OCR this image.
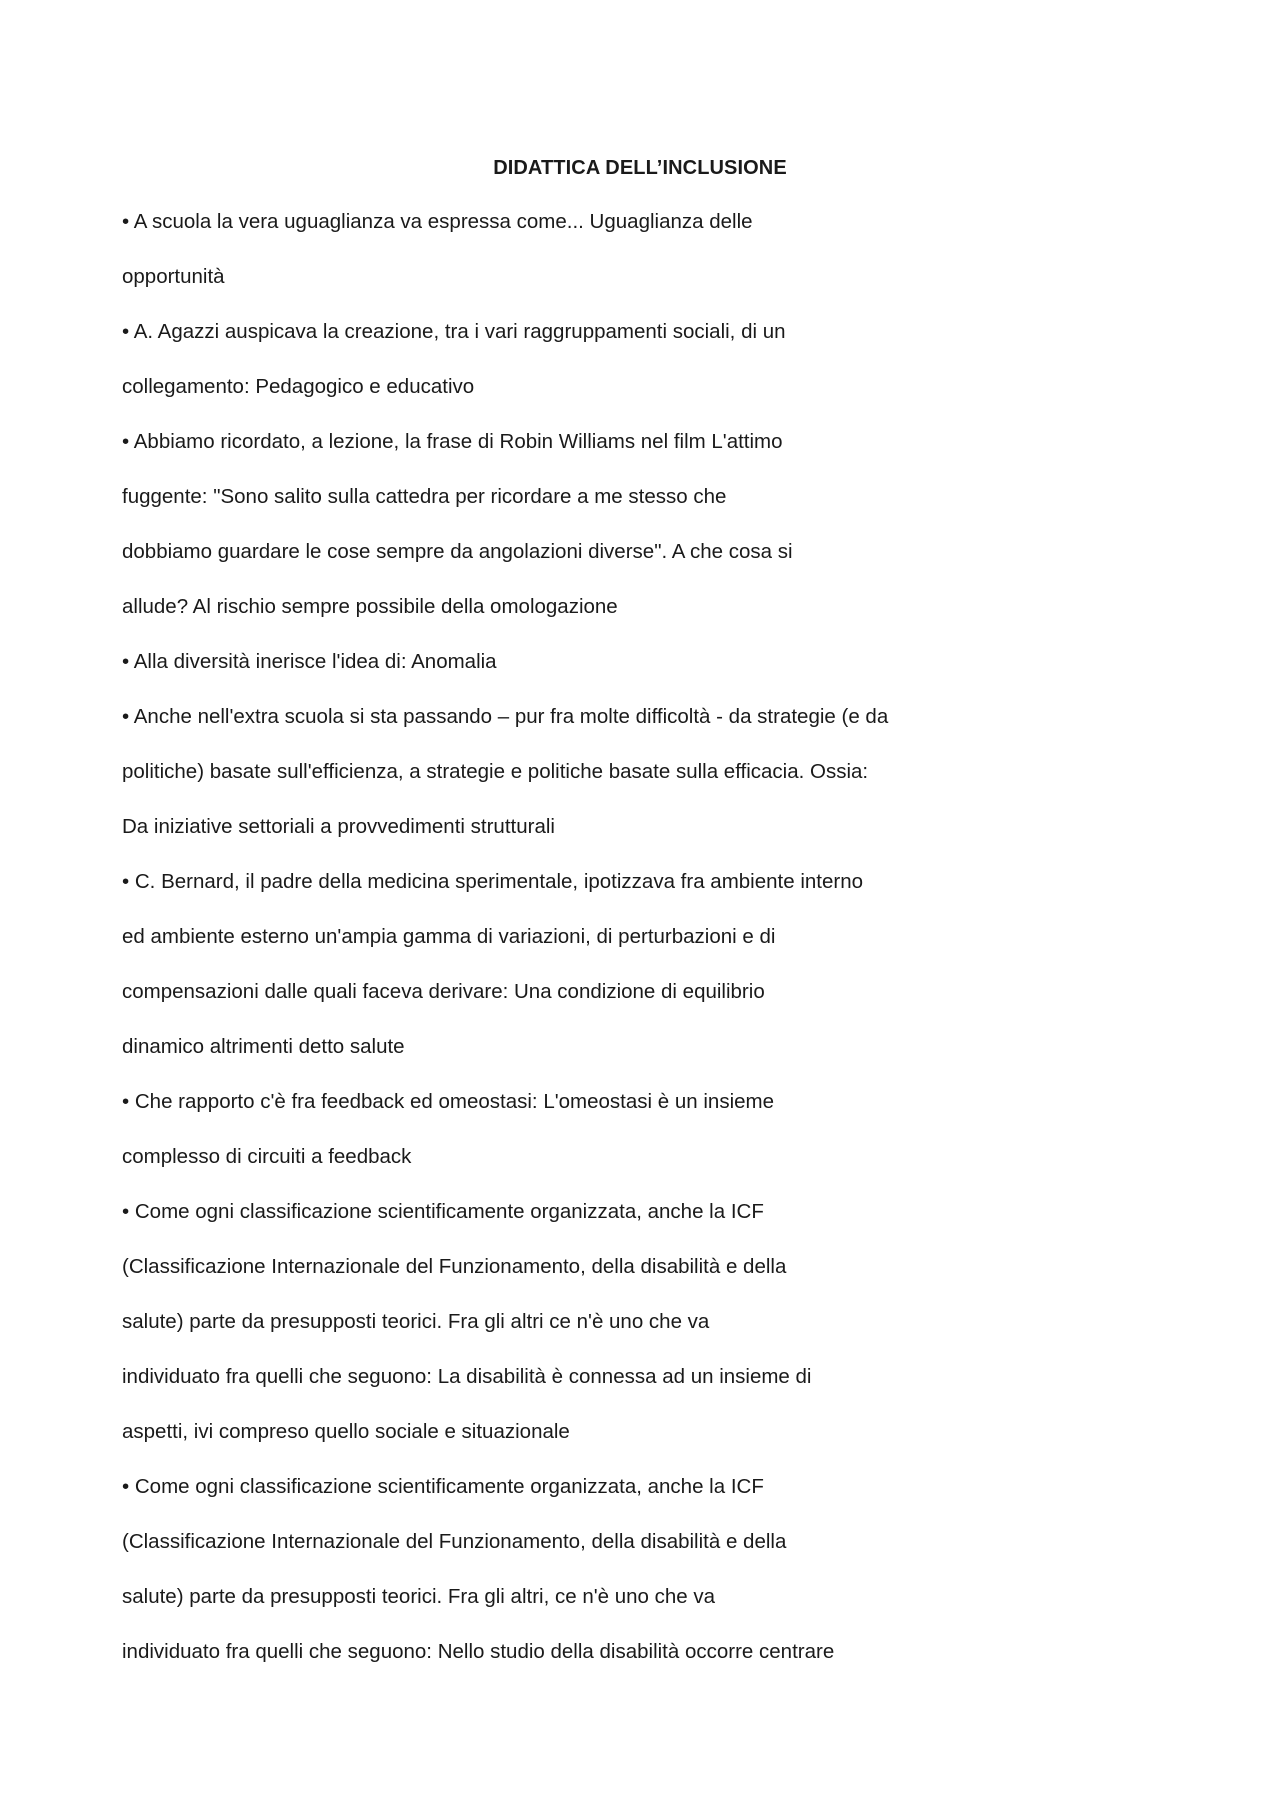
DIDATTICA DELL’INCLUSIONE
• A scuola la vera uguaglianza va espressa come... Uguaglianza delle
opportunità
• A. Agazzi auspicava la creazione, tra i vari raggruppamenti sociali, di un
collegamento: Pedagogico e educativo
• Abbiamo ricordato, a lezione, la frase di Robin Williams nel film L'attimo
fuggente: "Sono salito sulla cattedra per ricordare a me stesso che
dobbiamo guardare le cose sempre da angolazioni diverse". A che cosa si
allude? Al rischio sempre possibile della omologazione
• Alla diversità inerisce l'idea di: Anomalia
• Anche nell'extra scuola si sta passando – pur fra molte difficoltà - da strategie (e da
politiche) basate sull'efficienza, a strategie e politiche basate sulla efficacia. Ossia:
Da iniziative settoriali a provvedimenti strutturali
• C. Bernard, il padre della medicina sperimentale, ipotizzava fra ambiente interno
ed ambiente esterno un'ampia gamma di variazioni, di perturbazioni e di
compensazioni dalle quali faceva derivare: Una condizione di equilibrio
dinamico altrimenti detto salute
• Che rapporto c'è fra feedback ed omeostasi: L'omeostasi è un insieme
complesso di circuiti a feedback
• Come ogni classificazione scientificamente organizzata, anche la ICF
(Classificazione Internazionale del Funzionamento, della disabilità e della
salute) parte da presupposti teorici. Fra gli altri ce n'è uno che va
individuato fra quelli che seguono: La disabilità è connessa ad un insieme di
aspetti, ivi compreso quello sociale e situazionale
• Come ogni classificazione scientificamente organizzata, anche la ICF
(Classificazione Internazionale del Funzionamento, della disabilità e della
salute) parte da presupposti teorici. Fra gli altri, ce n'è uno che va
individuato fra quelli che seguono: Nello studio della disabilità occorre centrare
